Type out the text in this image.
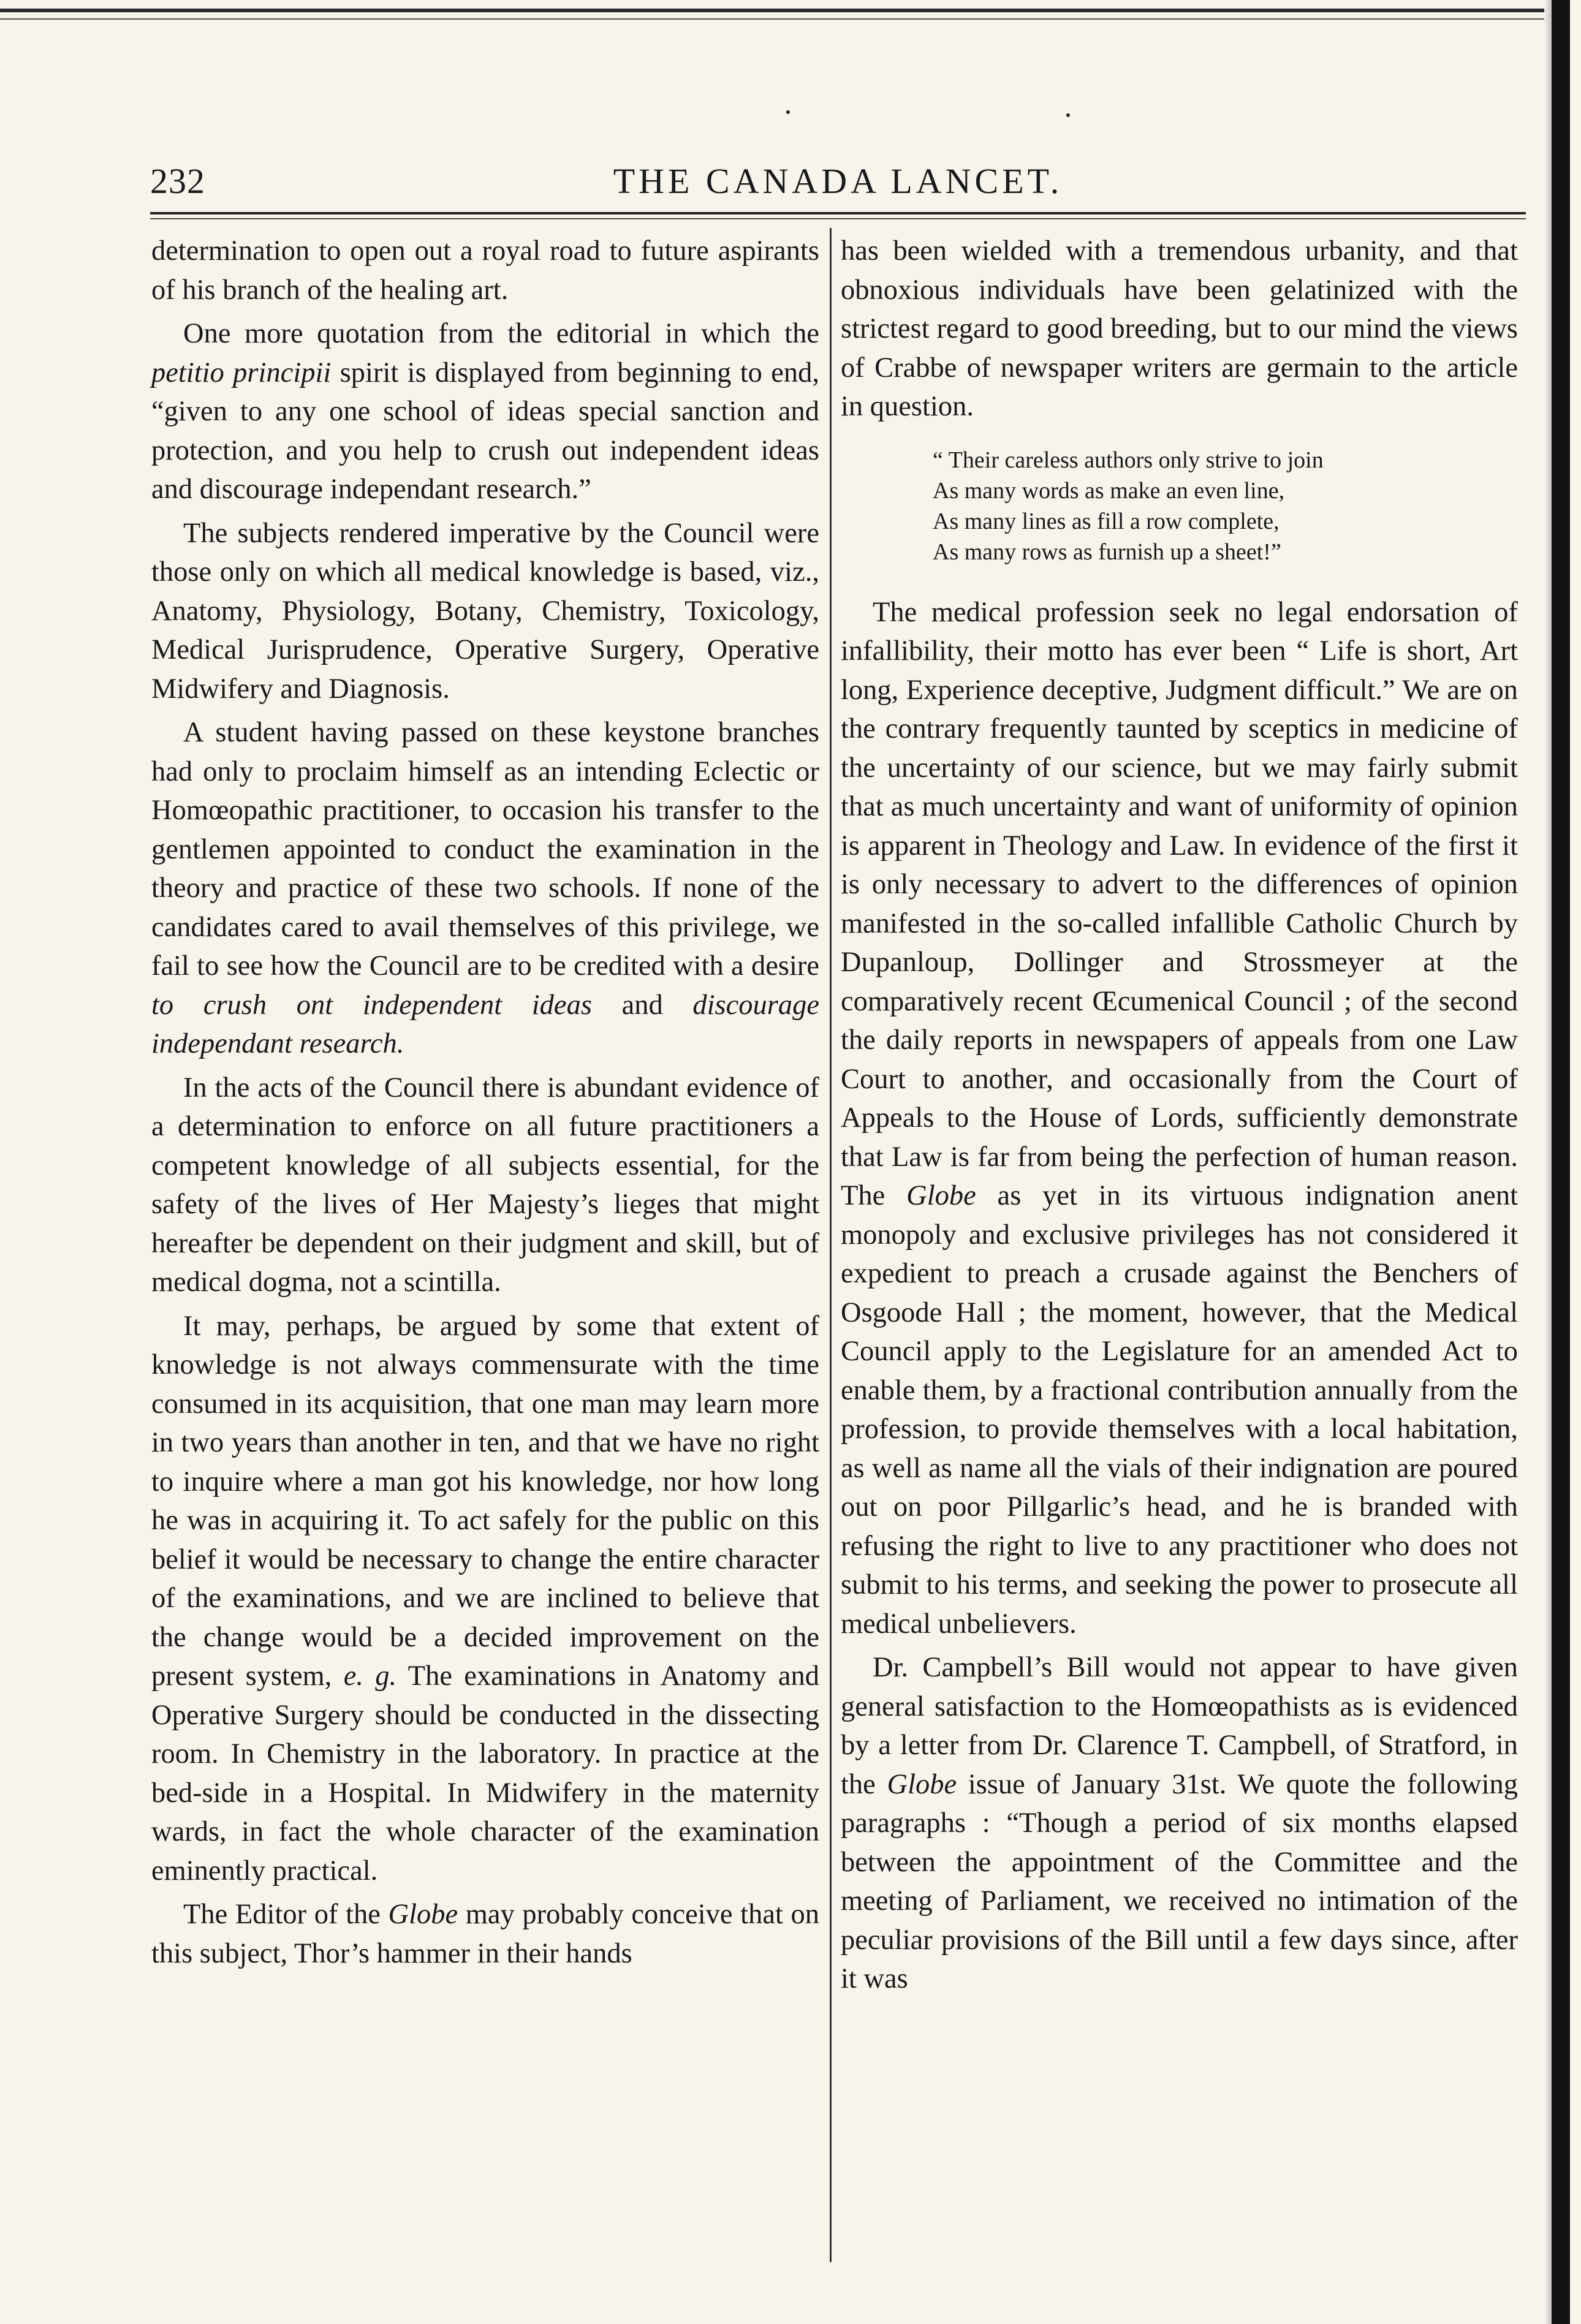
232	THE CANADA LANCET.

determination to open out a royal road to future aspirants of his branch of the healing art.

One more quotation from the editorial in which the petitio principii spirit is displayed from beginning to end, “given to any one school of ideas special sanction and protection, and you help to crush out independent ideas and discourage independant research.”

The subjects rendered imperative by the Council were those only on which all medical knowledge is based, viz., Anatomy, Physiology, Botany, Chemistry, Toxicology, Medical Jurisprudence, Operative Surgery, Operative Midwifery and Diagnosis.

A student having passed on these keystone branches had only to proclaim himself as an intending Eclectic or Homœopathic practitioner, to occasion his transfer to the gentlemen appointed to conduct the examination in the theory and practice of these two schools. If none of the candidates cared to avail themselves of this privilege, we fail to see how the Council are to be credited with a desire to crush ont independent ideas and discourage independant research.

In the acts of the Council there is abundant evidence of a determination to enforce on all future practitioners a competent knowledge of all subjects essential, for the safety of the lives of Her Majesty’s lieges that might hereafter be dependent on their judgment and skill, but of medical dogma, not a scintilla.

It may, perhaps, be argued by some that extent of knowledge is not always commensurate with the time consumed in its acquisition, that one man may learn more in two years than another in ten, and that we have no right to inquire where a man got his knowledge, nor how long he was in acquiring it. To act safely for the public on this belief it would be necessary to change the entire character of the examinations, and we are inclined to believe that the change would be a decided improvement on the present system, e. g. The examinations in Anatomy and Operative Surgery should be conducted in the dissecting room. In Chemistry in the laboratory. In practice at the bed-side in a Hospital. In Midwifery in the maternity wards, in fact the whole character of the examination eminently practical.

The Editor of the Globe may probably conceive that on this subject, Thor’s hammer in their hands

has been wielded with a tremendous urbanity, and that obnoxious individuals have been gelatinized with the strictest regard to good breeding, but to our mind the views of Crabbe of newspaper writers are germain to the article in question.

“ Their careless authors only strive to join
As many words as make an even line,
As many lines as fill a row complete,
As many rows as furnish up a sheet!”

The medical profession seek no legal endorsation of infallibility, their motto has ever been “ Life is short, Art long, Experience deceptive, Judgment difficult.” We are on the contrary frequently taunted by sceptics in medicine of the uncertainty of our science, but we may fairly submit that as much uncertainty and want of uniformity of opinion is apparent in Theology and Law. In evidence of the first it is only necessary to advert to the differences of opinion manifested in the so-called infallible Catholic Church by Dupanloup, Dollinger and Strossmeyer at the comparatively recent Œcumenical Council ; of the second the daily reports in newspapers of appeals from one Law Court to another, and occasionally from the Court of Appeals to the House of Lords, sufficiently demonstrate that Law is far from being the perfection of human reason. The Globe as yet in its virtuous indignation anent monopoly and exclusive privileges has not considered it expedient to preach a crusade against the Benchers of Osgoode Hall ; the moment, however, that the Medical Council apply to the Legislature for an amended Act to enable them, by a fractional contribution annually from the profession, to provide themselves with a local habitation, as well as name all the vials of their indignation are poured out on poor Pillgarlic’s head, and he is branded with refusing the right to live to any practitioner who does not submit to his terms, and seeking the power to prosecute all medical unbelievers.

Dr. Campbell’s Bill would not appear to have given general satisfaction to the Homœopathists as is evidenced by a letter from Dr. Clarence T. Campbell, of Stratford, in the Globe issue of January 31st. We quote the following paragraphs : “Though a period of six months elapsed between the appointment of the Committee and the meeting of Parliament, we received no intimation of the peculiar provisions of the Bill until a few days since, after it was
